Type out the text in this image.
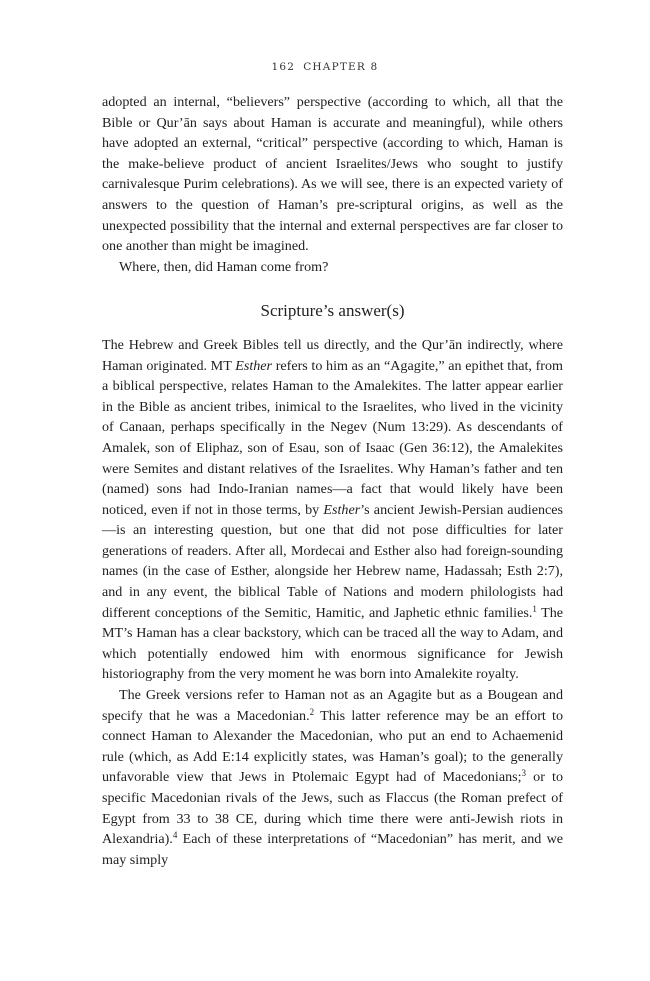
162 CHAPTER 8

adopted an internal, “believers” perspective (according to which, all that the Bible or Qur’ān says about Haman is accurate and meaningful), while others have adopted an external, “critical” perspective (according to which, Haman is the make-believe product of ancient Israelites/Jews who sought to justify carnivalesque Purim celebrations). As we will see, there is an expected variety of answers to the question of Haman’s pre-scriptural origins, as well as the unexpected possibility that the internal and external perspectives are far closer to one another than might be imagined.

Where, then, did Haman come from?

Scripture’s answer(s)

The Hebrew and Greek Bibles tell us directly, and the Qur’ān indirectly, where Haman originated. MT Esther refers to him as an “Agagite,” an epithet that, from a biblical perspective, relates Haman to the Amalekites. The latter appear earlier in the Bible as ancient tribes, inimical to the Israelites, who lived in the vicinity of Canaan, perhaps specifically in the Negev (Num 13:29). As descendants of Amalek, son of Eliphaz, son of Esau, son of Isaac (Gen 36:12), the Amalekites were Semites and distant relatives of the Israelites. Why Haman’s father and ten (named) sons had Indo-Iranian names—a fact that would likely have been noticed, even if not in those terms, by Esther’s ancient Jewish-Persian audiences—is an interesting question, but one that did not pose difficulties for later generations of readers. After all, Mordecai and Esther also had foreign-sounding names (in the case of Esther, alongside her Hebrew name, Hadassah; Esth 2:7), and in any event, the biblical Table of Nations and modern philologists had different conceptions of the Semitic, Hamitic, and Japhetic ethnic families.$^1$ The MT’s Haman has a clear backstory, which can be traced all the way to Adam, and which potentially endowed him with enormous significance for Jewish historiography from the very moment he was born into Amalekite royalty.

The Greek versions refer to Haman not as an Agagite but as a Bougean and specify that he was a Macedonian.$^2$ This latter reference may be an effort to connect Haman to Alexander the Macedonian, who put an end to Achaemenid rule (which, as Add E:14 explicitly states, was Haman’s goal); to the generally unfavorable view that Jews in Ptolemaic Egypt had of Macedonians;$^3$ or to specific Macedonian rivals of the Jews, such as Flaccus (the Roman prefect of Egypt from 33 to 38 CE, during which time there were anti-Jewish riots in Alexandria).$^4$ Each of these interpretations of “Macedonian” has merit, and we may simply
